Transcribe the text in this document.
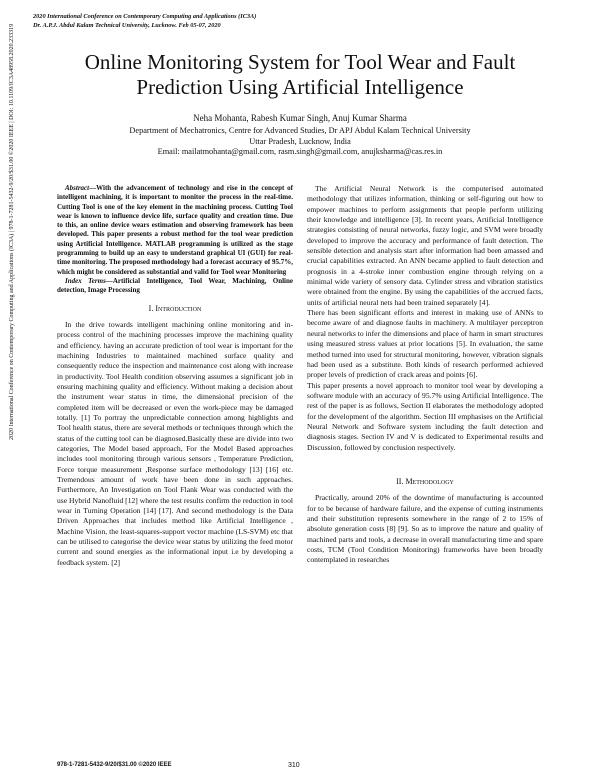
2020 International Conference on Contemporary Computing and Applications (IC3A)
Dr. A.P.J. Abdul Kalam Technical University, Lucknow. Feb 05-07, 2020
Online Monitoring System for Tool Wear and Fault
Prediction Using Artificial Intelligence
Neha Mohanta, Rabesh Kumar Singh, Anuj Kumar Sharma
Department of Mechatronics, Centre for Advanced Studies, Dr APJ Abdul Kalam Technical University
Uttar Pradesh, Lucknow, India
Email: mailatmohanta@gmail.com, rasm.singh@gmail.com, anujksharma@cas.res.in
2020 International Conference on Contemporary Computing and Applications (IC3A) | 978-1-7281-5432-9/20/$31.00 ©2020 IEEE | DOI: 10.1109/IC3A48958.2020.233319	Abstract—With the advancement of technology and rise in the concept of intelligent machining, it is important to monitor the process in the real-time. Cutting Tool is one of the key element in the machining process. Cutting Tool wear is known to influence device life, surface quality and creation time. Due to this, an online device wears estimation and observing framework has been developed. This paper presents a robust method for the tool wear prediction using Artificial Intelligence. MATLAB programming is utilized as the stage programming to build up an easy to understand graphical UI (GUI) for real-time monitoring. The proposed methodology had a forecast accuracy of 95.7%, which might be considered as substantial and valid for Tool wear Monitoring

Index Terms—Artificial Intelligence, Tool Wear, Machining, Online detection, Image Processing

I. Introduction

In the drive towards intelligent machining online monitoring and in-process control of the machining processes improve the machining quality and efficiency. having an accurate prediction of tool wear is important for the machining Industries to maintained machined surface quality and consequently reduce the inspection and maintenance cost along with increase in productivity. Tool Health condition observing assumes a significant job in ensuring machining quality and efficiency. Without making a decision about the instrument wear status in time, the dimensional precision of the completed item will be decreased or even the work-piece may be damaged totally. [1] To portray the unpredictable connection among highlights and Tool health status, there are several methods or techniques through which the status of the cutting tool can be diagnosed.Basically these are divide into two categories, The Model based approach, For the Model Based approaches includes tool monitoring through various sensors , Temperature Prediction, Force torque measurement ,Response surface methodology [13] [16] etc. Tremendous amount of work have been done in such approaches. Furthermore, An Investigation on Tool Flank Wear was conducted with the use Hybrid Nanofluid [12] where the test results confirm the reduction in tool wear in Turning Operation [14] [17]. And second methodology is the Data Driven Approaches that includes method like Artificial Intelligence , Machine Vision, the least-squares-support vector machine (LS-SVM) etc that can be utilised to categorise the device wear status by utilizing the feed motor current and sound energies as the informational input i.e by developing a feedback system. [2]

The Artificial Neural Network is the computerised automated methodology that utilizes information, thinking or self-figuring out how to empower machines to perform assignments that people perform utilizing their knowledge and intelligence [3]. In recent years, Artificial Intelligence strategies consisting of neural networks, fuzzy logic, and SVM were broadly developed to improve the accuracy and performance of fault detection. The sensible detection and analysis start after information had been amassed and crucial capabilities extracted. An ANN became applied to fault detection and prognosis in a 4-stroke inner combustion engine through relying on a minimal wide variety of sensory data. Cylinder stress and vibration statistics were obtained from the engine. By using the capabilities of the accrued facts, units of artificial neural nets had been trained separately [4].

There has been significant efforts and interest in making use of ANNs to become aware of and diagnose faults in machinery. A multilayer perceptron neural networks to infer the dimensions and place of harm in smart structures using measured stress values at prior locations [5]. In evaluation, the same method turned into used for structural monitoring, however, vibration signals had been used as a substitute. Both kinds of research performed achieved proper levels of prediction of crack areas and points [6].

This paper presents a novel approach to monitor tool wear by developing a software module with an accuracy of 95.7% using Artificial Intelligence. The rest of the paper is as follows, Section II elaborates the methodology adopted for the development of the algorithm. Section III emphasises on the Artificial Neural Network and Software system including the fault detection and diagnosis stages. Section IV and V is dedicated to Experimental results and Discussion, followed by conclusion respectively.

II. Methodology

Practically, around 20% of the downtime of manufacturing is accounted for to be because of hardware failure, and the expense of cutting instruments and their substitution represents somewhere in the range of 2 to 15% of absolute generation costs [8] [9]. So as to improve the nature and quality of machined parts and tools, a decrease in overall manufacturing time and spare costs, TCM (Tool Condition Monitoring) frameworks have been broadly contemplated in researches

978-1-7281-5432-9/20/$31.00 ©2020 IEEE	310
